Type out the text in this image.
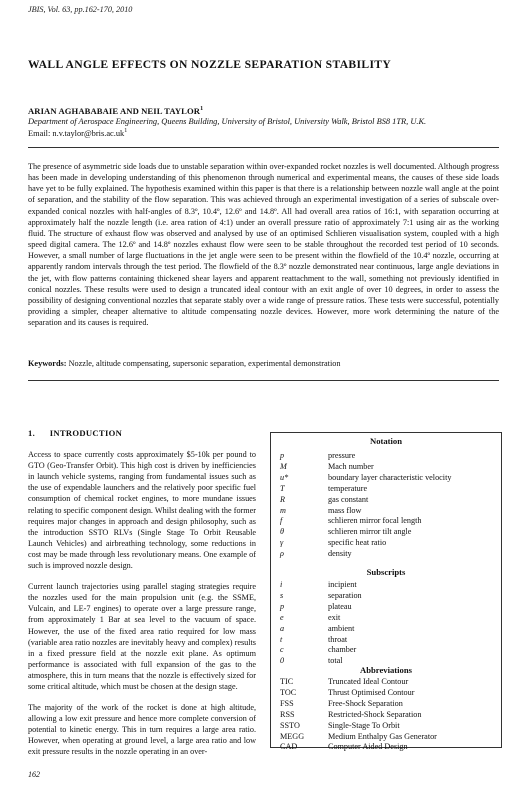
JBIS, Vol. 63, pp.162-170, 2010
WALL ANGLE EFFECTS ON NOZZLE SEPARATION STABILITY
ARIAN AGHABABAIE AND NEIL TAYLOR$^1$
Department of Aerospace Engineering, Queens Building, University of Bristol, University Walk, Bristol BS8 1TR, U.K.
Email: $n.v.taylor@bris.ac.uk^1$

The presence of asymmetric side loads due to unstable separation within over-expanded rocket nozzles is well documented. Although progress has been made in developing understanding of this phenomenon through numerical and experimental means, the causes of these side loads have yet to be fully explained. The hypothesis examined within this paper is that there is a relationship between nozzle wall angle at the point of separation, and the stability of the flow separation. This was achieved through an experimental investigation of a series of subscale over-expanded conical nozzles with half-angles of 8.3º, 10.4º, 12.6º and 14.8º. All had overall area ratios of 16:1, with separation occurring at approximately half the nozzle length (i.e. area ration of 4:1) under an overall pressure ratio of approximately 7:1 using air as the working fluid. The structure of exhaust flow was observed and analysed by use of an optimised Schlieren visualisation system, coupled with a high speed digital camera. The 12.6º and 14.8º nozzles exhaust flow were seen to be stable throughout the recorded test period of 10 seconds. However, a small number of large fluctuations in the jet angle were seen to be present within the flowfield of the 10.4º nozzle, occurring at apparently random intervals through the test period. The flowfield of the 8.3º nozzle demonstrated near continuous, large angle deviations in the jet, with flow patterns containing thickened shear layers and apparent reattachment to the wall, something not previously identified in conical nozzles. These results were used to design a truncated ideal contour with an exit angle of over 10 degrees, in order to assess the possibility of designing conventional nozzles that separate stably over a wide range of pressure ratios. These tests were successful, potentially providing a simpler, cheaper alternative to altitude compensating nozzle devices. However, more work determining the nature of the separation and its causes is required.

Keywords: Nozzle, altitude compensating, supersonic separation, experimental demonstration
1.      INTRODUCTION

Access to space currently costs approximately $5-10k per pound to GTO (Geo-Transfer Orbit). This high cost is driven by inefficiencies in launch vehicle systems, ranging from fundamental issues such as the use of expendable launchers and the relatively poor specific fuel consumption of chemical rocket engines, to more mundane issues relating to specific component design. Whilst dealing with the former requires major changes in approach and design philosophy, such as the introduction SSTO RLVs (Single Stage To Orbit Reusable Launch Vehicles) and airbreathing technology, some reductions in cost may be made through less revolutionary means. One example of such is improved nozzle design.

Current launch trajectories using parallel staging strategies require the nozzles used for the main propulsion unit (e.g. the SSME, Vulcain, and LE-7 engines) to operate over a large pressure range, from approximately 1 Bar at sea level to the vacuum of space. However, the use of the fixed area ratio required for low mass (variable area ratio nozzles are inevitably heavy and complex) results in a fixed pressure field at the nozzle exit plane. As optimum performance is associated with full expansion of the gas to the atmosphere, this in turn means that the nozzle is effectively sized for some critical altitude, which must be chosen at the design stage.

The majority of the work of the rocket is done at high altitude, allowing a low exit pressure and hence more complete conversion of potential to kinetic energy. This in turn requires a large area ratio. However, when operating at ground level, a large area ratio and low exit pressure results in the nozzle operating in an over-

Notation
p	pressure
M	Mach number
u*	boundary layer characteristic velocity
T	temperature
R	gas constant
m	mass flow
f	schlieren mirror focal length
θ	schlieren mirror tilt angle
γ	specific heat ratio
ρ	density
Subscripts
i	incipient
s	separation
p	plateau
e	exit
a	ambient
t	throat
c	chamber
0	total
Abbreviations
TIC	Truncated Ideal Contour
TOC	Thrust Optimised Contour
FSS	Free-Shock Separation
RSS	Restricted-Shock Separation
SSTO	Single-Stage To Orbit
MEGG	Medium Enthalpy Gas Generator
CAD	Computer Aided Design
162
